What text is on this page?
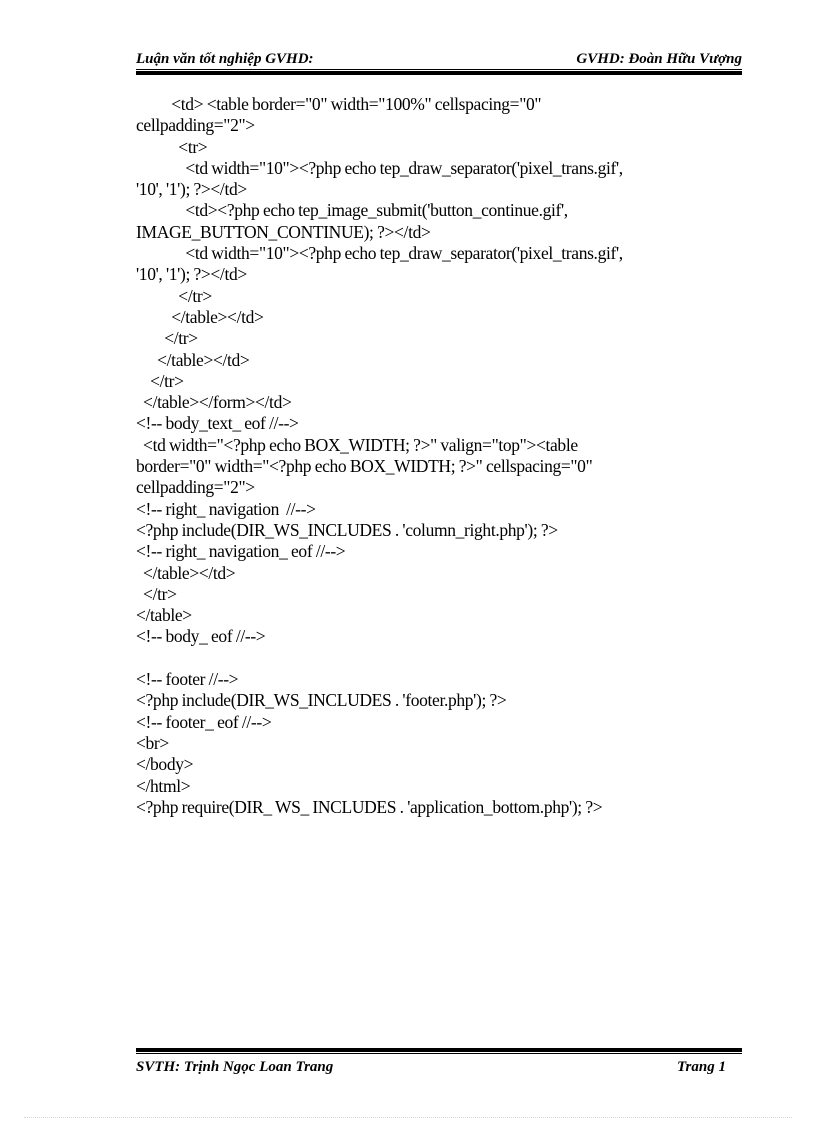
Luận văn tốt nghiệp GVHD:	GVHD: Đoàn Hữu Vượng
<td> <table border="0" width="100%" cellspacing="0"
cellpadding="2">
<tr>
<td width="10"><?php echo tep_draw_separator('pixel_trans.gif',
'10', '1'); ?></td>
<td><?php echo tep_image_submit('button_continue.gif',
IMAGE_BUTTON_CONTINUE); ?></td>
<td width="10"><?php echo tep_draw_separator('pixel_trans.gif',
'10', '1'); ?></td>
</tr>
</table></td>
</tr>
</table></td>
</tr>
</table></form></td>
<!-- body_text_ eof //-->
<td width="<?php echo BOX_WIDTH; ?>" valign="top"><table
border="0" width="<?php echo BOX_WIDTH; ?>" cellspacing="0"
cellpadding="2">
<!-- right_ navigation  //-->
<?php include(DIR_WS_INCLUDES . 'column_right.php'); ?>
<!-- right_ navigation_ eof //-->
</table></td>
</tr>
</table>
<!-- body_ eof //-->
<!-- footer //-->
<?php include(DIR_WS_INCLUDES . 'footer.php'); ?>
<!-- footer_ eof //-->
<br>
</body>
</html>
<?php require(DIR_ WS_ INCLUDES . 'application_bottom.php'); ?>
SVTH: Trịnh Ngọc Loan Trang	Trang 1
